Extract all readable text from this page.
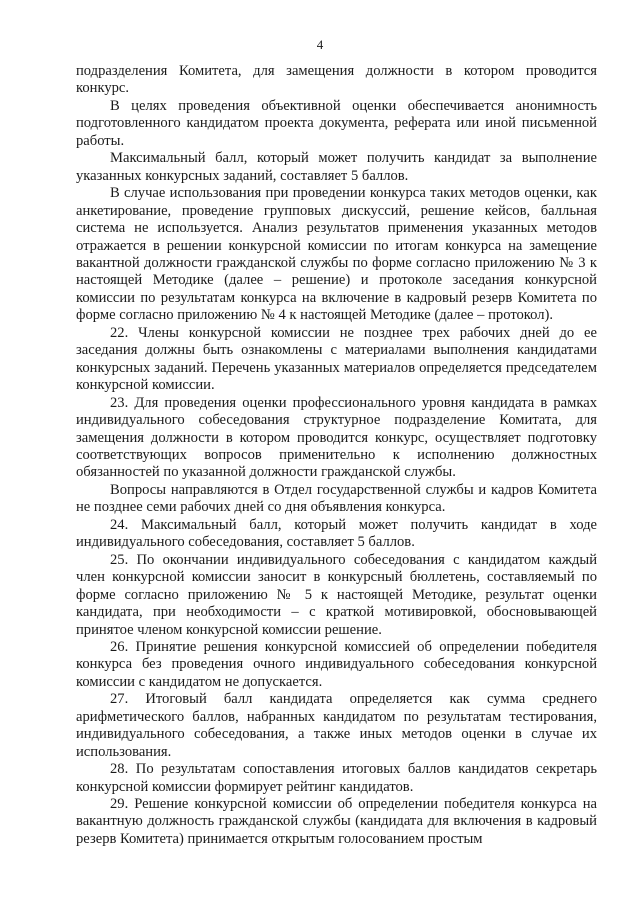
4

подразделения Комитета, для замещения должности в котором проводится конкурс.

В целях проведения объективной оценки обеспечивается анонимность подготовленного кандидатом проекта документа, реферата или иной письменной работы.

Максимальный балл, который может получить кандидат за выполнение указанных конкурсных заданий, составляет 5 баллов.

В случае использования при проведении конкурса таких методов оценки, как анкетирование, проведение групповых дискуссий, решение кейсов, балльная система не используется. Анализ результатов применения указанных методов отражается в решении конкурсной комиссии по итогам конкурса на замещение вакантной должности гражданской службы по форме согласно приложению № 3 к настоящей Методике (далее – решение) и протоколе заседания конкурсной комиссии по результатам конкурса на включение в кадровый резерв Комитета по форме согласно приложению № 4 к настоящей Методике (далее – протокол).

22. Члены конкурсной комиссии не позднее трех рабочих дней до ее заседания должны быть ознакомлены с материалами выполнения кандидатами конкурсных заданий. Перечень указанных материалов определяется председателем конкурсной комиссии.

23. Для проведения оценки профессионального уровня кандидата в рамках индивидуального собеседования структурное подразделение Комитата, для замещения должности в котором проводится конкурс, осуществляет подготовку соответствующих вопросов применительно к исполнению должностных обязанностей по указанной должности гражданской службы.

Вопросы направляются в Отдел государственной службы и кадров Комитета не позднее семи рабочих дней со дня объявления конкурса.

24. Максимальный балл, который может получить кандидат в ходе индивидуального собеседования, составляет 5 баллов.

25. По окончании индивидуального собеседования с кандидатом каждый член конкурсной комиссии заносит в конкурсный бюллетень, составляемый по форме согласно приложению № 5 к настоящей Методике, результат оценки кандидата, при необходимости – с краткой мотивировкой, обосновывающей принятое членом конкурсной комиссии решение.

26. Принятие решения конкурсной комиссией об определении победителя конкурса без проведения очного индивидуального собеседования конкурсной комиссии с кандидатом не допускается.

27. Итоговый балл кандидата определяется как сумма среднего арифметического баллов, набранных кандидатом по результатам тестирования, индивидуального собеседования, а также иных методов оценки в случае их использования.

28. По результатам сопоставления итоговых баллов кандидатов секретарь конкурсной комиссии формирует рейтинг кандидатов.

29. Решение конкурсной комиссии об определении победителя конкурса на вакантную должность гражданской службы (кандидата для включения в кадровый резерв Комитета) принимается открытым голосованием простым
